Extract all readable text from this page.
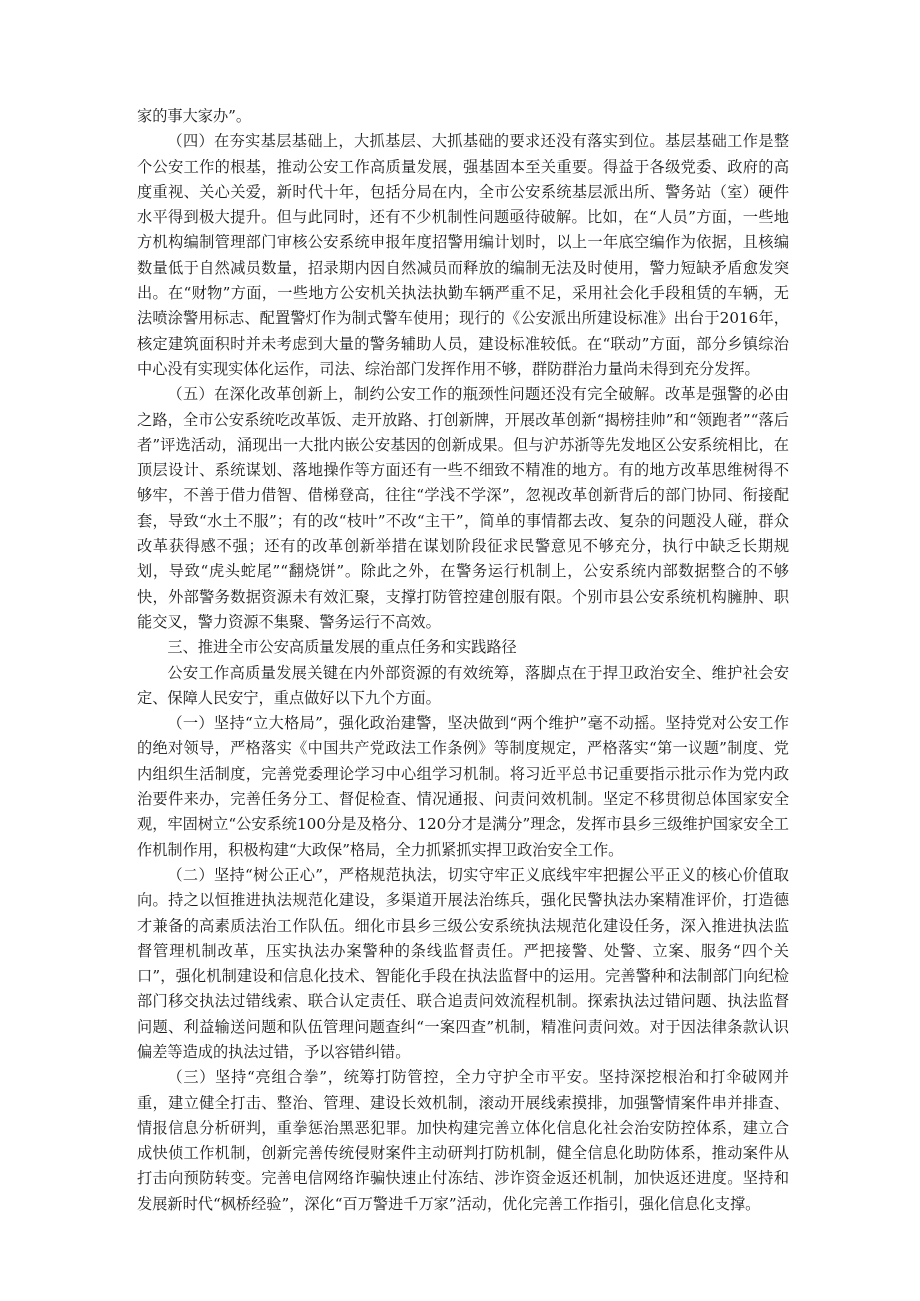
家的事大家办”。

（四）在夯实基层基础上，大抓基层、大抓基础的要求还没有落实到位。基层基础工作是整个公安工作的根基，推动公安工作高质量发展，强基固本至关重要。得益于各级党委、政府的高度重视、关心关爱，新时代十年，包括分局在内，全市公安系统基层派出所、警务站（室）硬件水平得到极大提升。但与此同时，还有不少机制性问题亟待破解。比如，在“人员”方面，一些地方机构编制管理部门审核公安系统申报年度招警用编计划时，以上一年底空编作为依据，且核编数量低于自然减员数量，招录期内因自然减员而释放的编制无法及时使用，警力短缺矛盾愈发突出。在“财物”方面，一些地方公安机关执法执勤车辆严重不足，采用社会化手段租赁的车辆，无法喷涂警用标志、配置警灯作为制式警车使用；现行的《公安派出所建设标准》出台于2016年，核定建筑面积时并未考虑到大量的警务辅助人员，建设标准较低。在“联动”方面，部分乡镇综治中心没有实现实体化运作，司法、综治部门发挥作用不够，群防群治力量尚未得到充分发挥。

（五）在深化改革创新上，制约公安工作的瓶颈性问题还没有完全破解。改革是强警的必由之路，全市公安系统吃改革饭、走开放路、打创新牌，开展改革创新“揭榜挂帅”和“领跑者”“落后者”评选活动，涌现出一大批内嵌公安基因的创新成果。但与沪苏浙等先发地区公安系统相比，在顶层设计、系统谋划、落地操作等方面还有一些不细致不精准的地方。有的地方改革思维树得不够牢，不善于借力借智、借梯登高，往往“学浅不学深”，忽视改革创新背后的部门协同、衔接配套，导致“水土不服”；有的改“枝叶”不改“主干”，简单的事情都去改、复杂的问题没人碰，群众改革获得感不强；还有的改革创新举措在谋划阶段征求民警意见不够充分，执行中缺乏长期规划，导致“虎头蛇尾”“翻烧饼”。除此之外，在警务运行机制上，公安系统内部数据整合的不够快，外部警务数据资源未有效汇聚，支撑打防管控建创服有限。个别市县公安系统机构臃肿、职能交叉，警力资源不集聚、警务运行不高效。

三、推进全市公安高质量发展的重点任务和实践路径

公安工作高质量发展关键在内外部资源的有效统筹，落脚点在于捍卫政治安全、维护社会安定、保障人民安宁，重点做好以下九个方面。

（一）坚持“立大格局”，强化政治建警，坚决做到“两个维护”毫不动摇。坚持党对公安工作的绝对领导，严格落实《中国共产党政法工作条例》等制度规定，严格落实“第一议题”制度、党内组织生活制度，完善党委理论学习中心组学习机制。将习近平总书记重要指示批示作为党内政治要件来办，完善任务分工、督促检查、情况通报、问责问效机制。坚定不移贯彻总体国家安全观，牢固树立“公安系统100分是及格分、120分才是满分”理念，发挥市县乡三级维护国家安全工作机制作用，积极构建“大政保”格局，全力抓紧抓实捍卫政治安全工作。

（二）坚持“树公正心”，严格规范执法，切实守牢正义底线牢牢把握公平正义的核心价值取向。持之以恒推进执法规范化建设，多渠道开展法治练兵，强化民警执法办案精准评价，打造德才兼备的高素质法治工作队伍。细化市县乡三级公安系统执法规范化建设任务，深入推进执法监督管理机制改革，压实执法办案警种的条线监督责任。严把接警、处警、立案、服务“四个关口”，强化机制建设和信息化技术、智能化手段在执法监督中的运用。完善警种和法制部门向纪检部门移交执法过错线索、联合认定责任、联合追责问效流程机制。探索执法过错问题、执法监督问题、利益输送问题和队伍管理问题查纠“一案四查”机制，精准问责问效。对于因法律条款认识偏差等造成的执法过错，予以容错纠错。

（三）坚持“亮组合拳”，统筹打防管控，全力守护全市平安。坚持深挖根治和打伞破网并重，建立健全打击、整治、管理、建设长效机制，滚动开展线索摸排，加强警情案件串并排查、情报信息分析研判，重拳惩治黑恶犯罪。加快构建完善立体化信息化社会治安防控体系，建立合成快侦工作机制，创新完善传统侵财案件主动研判打防机制，健全信息化助防体系，推动案件从打击向预防转变。完善电信网络诈骗快速止付冻结、涉诈资金返还机制，加快返还进度。坚持和发展新时代“枫桥经验”，深化“百万警进千万家”活动，优化完善工作指引，强化信息化支撑。
